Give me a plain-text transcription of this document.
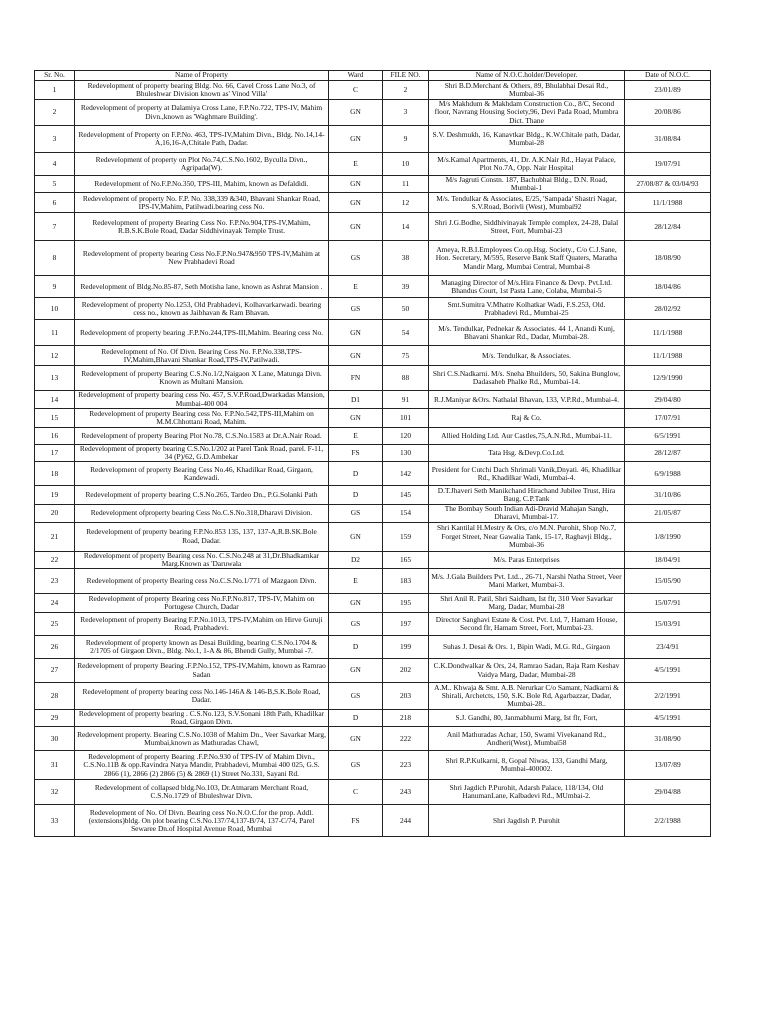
Sr. No.	Name of Property	Ward	FILE NO.	Name of N.O.C.holder/Developer.	Date of N.O.C.
1	Redevelopment of property bearing Bldg. No. 66, Cavel Cross Lane No.3, of Bhuleshwar Division known as' Vinod Villa'	C	2	Shri B.D.Merchant & Others, 89, Bhulabhai Desai Rd., Mumbai-36	23/01/89
2	Redevelopment of property at Dalamiya Cross Lane, F.P.No.722, TPS-IV, Mahim Divn.,known as 'Waghmare Building'.	GN	3	M/s Makhdum & Makhdam Construction Co., 8/C, Second floor, Navrang Housing Society,96, Devi Pada Road, Mumbra Dict. Thane	20/08/86
3	Redevelopment of Property on F.P.No. 463, TPS-IV,Mahim Divn., Bldg. No.14,14-A,16,16-A,Chitale Path, Dadar.	GN	9	S.V. Deshmukh, 16, Kanavtkar Bldg., K.W.Chitale path, Dadar, Mumbai-28	31/08/84
4	Redevelopment of property on Plot No.74,C.S.No.1602, Byculla Divn., Agripada(W).	E	10	M/s.Kamal Apartments, 41, Dr. A.K.Nair Rd., Hayat Palace, Plot No.7A, Opp. Nair Hospital	19/07/91
5	Redevelopment of No.F.P.No.350, TPS-III, Mahim, known as Defaldidi.	GN	11	M/s Jagruti Constn. 187, Bachubhai Bldg., D.N. Road, Mumbai-1	27/08/87 & 03/04/93
6	Redevelopment of property No. F.P. No. 338,339 &340, Bhavani Shankar Road, IPS-IV,Mahim, Patilwadi.bearing cess No.	GN	12	M/s. Tendulkar & Associates, E/25, 'Sampada' Shastri Nagar, S.V.Road, Borivli (West), Mumbai92	11/1/1988
7	Redevelopment of property Bearing Cess No. F.P.No.904,TPS-IV,Mahim, R.B.S.K.Bole Road, Dadar Siddhivinayak Temple Trust.	GN	14	Shri J.G.Bodhe, Siddhivinayak Temple complex, 24-28, Dalal Street, Fort, Mumbai-23	28/12/84
8	Redevelopment of property bearing Cess No.F.P.No.947&950 TPS-IV,Mahim at New Prabhadevi Road	GS	38	Ameya, R.B.I.Employees Co.op.Hsg. Society., C/o C.J.Sane, Hon. Secretary, M/595, Reserve Bank Staff Quaters, Maratha Mandir Marg, Mumbai Central, Mumbai-8	18/08/90
9	Redevelopment of Bldg.No.85-87, Seth Motisha lane, known as Ashrat Mansion .	E	39	Managing Director of M/s.Hira Finance & Devp. Pvt.Ltd. Bhandus Court, 1st Pasta Lane, Colaba, Mumbai-5	18/04/86
10	Redevelopment of property No.1253, Old Prabhadevi, Kolhavarkarwadi. bearing cess no., known as Jaibhavan & Ram Bhavan.	GS	50	Smt.Sumitra V.Mhatre Kolhatkar Wadi, F.S.253, Old. Prabhadevi Rd., Mumbai-25	28/02/92
11	Redevelopment of property bearing .F.P.No.244,TPS-III,Mahim. Bearing cess No.	GN	54	M/s. Tendulkar, Pednekar & Associates. 44 1, Anandi Kunj, Bhavani Shankar Rd., Dadar, Mumbai-28.	11/1/1988
12	Redevelopment of No. Of Divn. Bearing Cess No. F.P.No.338,TPS-IV,Mahim,Bhavani Shankar Road,TPS-IV,Patilwadi.	GN	75	M/s. Tendulkar, & Associates.	11/1/1988
13	Redevelopment of property Bearing C.S.No.1/2,Naigaon X Lane, Matunga Divn. Known as Multani Mansion.	FN	88	Shri C.S.Nadkarni. M/s. Sneha Bhuilders, 50, Sakina Bunglow, Dadasaheb Phalke Rd., Mumbai-14.	12/9/1990
14	Redevelopment of property bearing cess No. 457, S.V.P.Road,Dwarkadas Mansion, Mumbai-400 004	D1	91	R.J.Maniyar &Ors. Nathalal Bhavan, 133, V.P.Rd., Mumbai-4.	29/04/80
15	Redevelopment of property Bearing cess No. F.P.No.542,TPS-III,Mahim on M.M.Chhottani Road, Mahim.	GN	101	Raj & Co.	17/07/91
16	Redevelopment of property Bearing Plot No.78, C.S.No.1583 at Dr.A.Nair Road.	E	120	Allied Holding Ltd. Aur Castles,75,A.N.Rd., Mumbai-11.	6/5/1991
17	Redevelopment of property bearing C.S.No.1/202 at Parel Tank Road, parel. F-11, 34 (P)/62, G.D.Ambekar	FS	130	Tata Hsg. &Devp.Co.Ltd.	28/12/87
18	Redevelopment of property Bearing Cess No.46, Khadilkar Road, Girgaon, Kandewadi.	D	142	President for Cutchi Dach Shrimali Vanik,Dnyati. 46, Khadilkar Rd., Khadilkar Wadi, Mumbai-4.	6/9/1988
19	Redevelopment of property bearing C.S.No.265, Tardeo Dn., P.G.Solanki Path	D	145	D.T.Jhaveri Seth Manikchand Hirachand Jubilee Trust, Hira Baug, C.P.Tank	31/10/86
20	Redevelopment ofproperty bearing Cess No.C.S.No.318,Dharavi Division.	GS	154	The Bombay South Indian Adi-Dravid Mahajan Sangh, Dharavi, Mumbai-17.	21/05/87
21	Redevelopment of property bearing F.P.No.853 135, 137, 137-A,R.B.SK.Bole Road, Dadar.	GN	159	Shri Kantilal H.Mestry & Ors, c/o M.N. Purohit, Shop No.7, Forget Street, Near Gawalia Tank, 15-17, Raghavji Bldg., Mumbai-36	1/8/1990
22	Redevelopment of property Bearing cess No. C.S.No.248 at 31,Dr.Bhadkamkar Marg.Known as 'Daruwala	D2	165	M/s. Paras Enterprises	18/04/91
23	Redevelopment of property Bearing cess No.C.S.No.1/771 of Mazgaon Divn.	E	183	M/s. J.Gala Builders Pvt. Ltd.., 26-71, Narshi Natha Street, Veer Mani Market, Mumbai-3.	15/05/90
24	Redevelopment of property Bearing cess No.F.P.No.817, TPS-IV, Mahim on Portugese Church, Dadar	GN	195	Shri Anil R. Patil, Shri Saidham, Ist flr, 310 Veer Savarkar Marg, Dadar, Mumbai-28	15/07/91
25	Redevelopment of property Bearing F.P.No.1013, TPS-IV,Mahim on Hirve Guruji Road, Prabhadevi.	GS	197	Director Sanghavi Estate & Cost. Pvt. Ltd, 7, Hamam House, Second flr, Hamam Street, Fort, Mumbai-23.	15/03/91
26	Redevelopment of property known as Desai Building, bearing C.S.No.1704 & 2/1705 of Girgaon Divn., Bldg. No.1, 1-A & 86, Bhendi Gully, Mumbai -7.	D	199	Suhas J. Desai & Ors. 1, Bipin Wadi, M.G. Rd., Girgaon	23/4/91
27	Redevelopment of property Bearing .F.P.No.152, TPS-IV,Mahim, known as Ramrao Sadan	GN	202	C.K.Dondwalkar & Ors, 24, Ramrao Sadan, Raja Ram Keshav Vaidya Marg, Dadar, Mumbai-28	4/5/1991
28	Redevelopment of property bearing cess No.146-146A & 146-B,S.K.Bole Road, Dadar.	GS	203	A.M.. Khwaja & Smt. A.B. Nerurkar C/o Samant, Nadkarni & Shirali, Archetcts, 150, S.K. Bole Rd, Agarbazzar, Dadar, Mumbai-28..	2/2/1991
29	Redevelopment of property bearing . C.S.No.123, S.V.Sonani 18th Path, Khadilkar Road, Girgaon Divn.	D	218	S.J. Gandhi, 80, Janmabhumi Marg, Ist flr, Fort,	4/5/1991
30	Redevelopment property. Bearing C.S.No.1038 of Mahim Dn., Veer Savarkar Marg, Mumbai,known as Mathuradas Chawl,	GN	222	Anil Mathuradas Achar, 150, Swami Vivekanand Rd., Andheri(West), Mumbai58	31/08/90
31	Redevelopment of property Bearing .F.P.No.930 of TPS-IV of Mahim Divn., C.S.No.11B & opp.Ravindra Natya Mandir, Prabhadevi, Mumbai 400 025, G.S. 2866 (1), 2866 (2) 2866 (5) & 2869 (1) Street No.331, Sayani Rd.	GS	223	Shri R.P.Kulkarni, 8, Gopal Niwas, 133, Gandhi Marg, Mumbai-400002.	13/07/89
32	Redevelopment of collapsed bldg.No.103, Dr.Atmaram Merchant Road, C.S.No.1729 of Bhuleshwar Divn.	C	243	Shri Jagdich P.Purohit, Adarsh Palace, 118/134, Old HanumanLane, Kalbadevi Rd., MUmbai-2.	29/04/88
33	Redevelopment of No. Of Divn. Bearing cess No.N.O.C.for the prop. Addl.(extensions)bldg. On plot bearing C.S.No.137/74,137-B/74, 137-C/74, Parel Sewaree Dn.of Hospital Avenue Road, Mumbai	FS	244	Shri Jagdish P. Purohit	2/2/1988
